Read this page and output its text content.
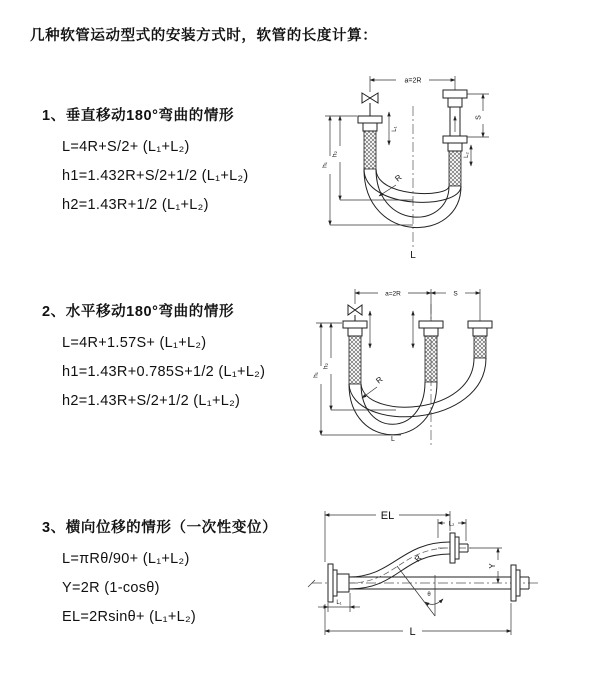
几种软管运动型式的安装方式时，软管的长度计算：
1、垂直移动180°弯曲的情形
L=4R+S/2+ (L₁+L₂)
h1=1.432R+S/2+1/2 (L₁+L₂)
h2=1.43R+1/2 (L₁+L₂)
a=2R
L₁
S
L₂
h₁
h₂
R
L
2、水平移动180°弯曲的情形
L=4R+1.57S+ (L₁+L₂)
h1=1.43R+0.785S+1/2 (L₁+L₂)
h2=1.43R+S/2+1/2 (L₁+L₂)
a=2R	S
h₁
h₂
R
L
3、横向位移的情形（一次性变位）
L=πRθ/90+ (L₁+L₂)
Y=2R (1-cosθ)
EL=2Rsinθ+ (L₁+L₂)
EL
L₂
Y
R
θ
L
L₁
